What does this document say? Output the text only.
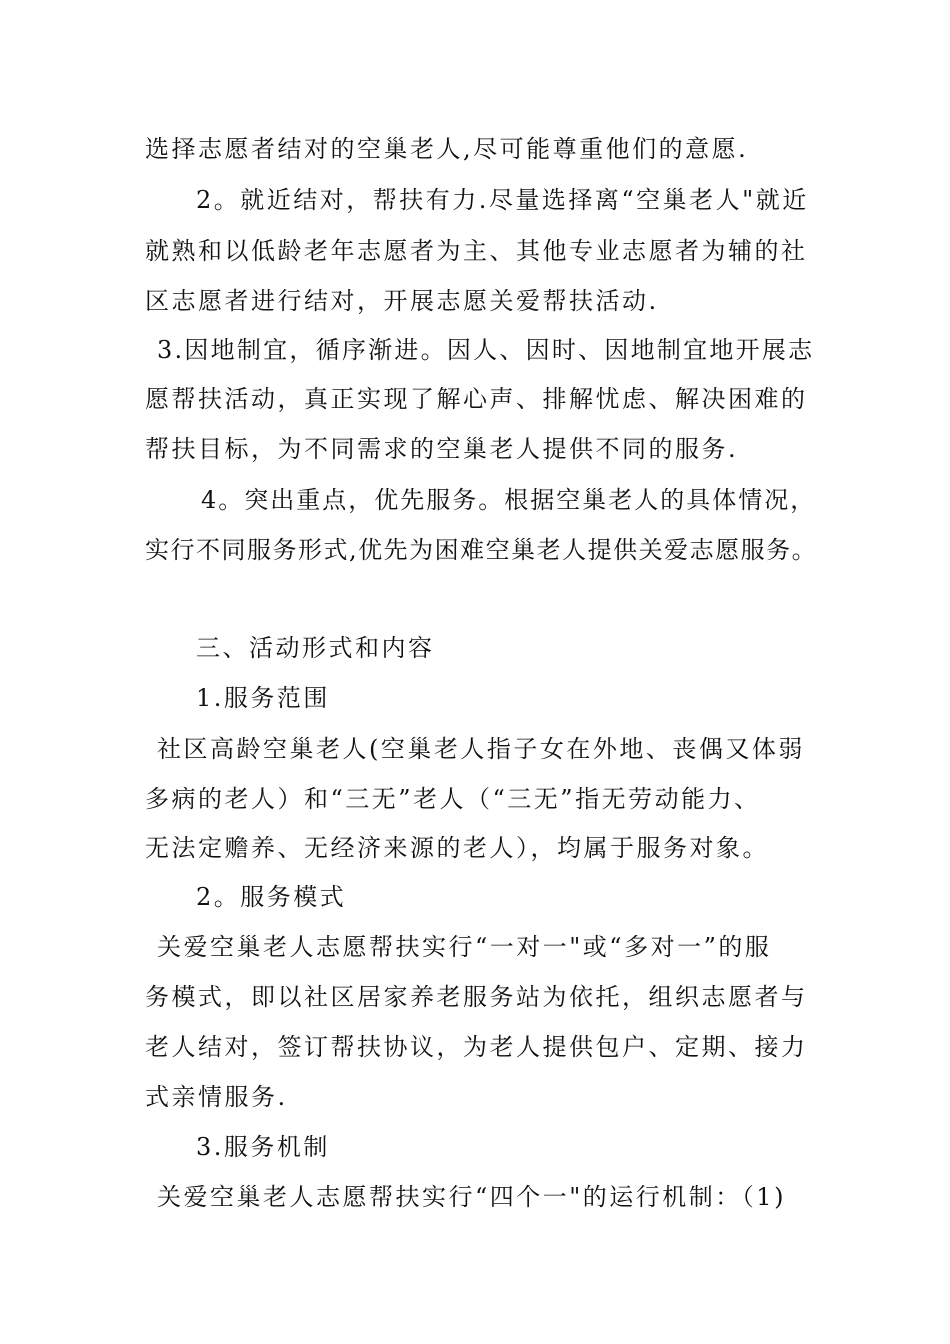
选择志愿者结对的空巢老人,尽可能尊重他们的意愿.
2。就近结对，帮扶有力.尽量选择离“空巢老人"就近
就熟和以低龄老年志愿者为主、其他专业志愿者为辅的社
区志愿者进行结对，开展志愿关爱帮扶活动.
3.因地制宜，循序渐进。因人、因时、因地制宜地开展志
愿帮扶活动，真正实现了解心声、排解忧虑、解决困难的
帮扶目标，为不同需求的空巢老人提供不同的服务.
4。突出重点，优先服务。根据空巢老人的具体情况，
实行不同服务形式,优先为困难空巢老人提供关爱志愿服务。
三、活动形式和内容
1.服务范围
社区高龄空巢老人(空巢老人指子女在外地、丧偶又体弱
多病的老人）和“三无”老人（“三无”指无劳动能力、
无法定赡养、无经济来源的老人），均属于服务对象。
2。服务模式
关爱空巢老人志愿帮扶实行“一对一"或“多对一”的服
务模式，即以社区居家养老服务站为依托，组织志愿者与
老人结对，签订帮扶协议，为老人提供包户、定期、接力
式亲情服务.
3.服务机制
关爱空巢老人志愿帮扶实行“四个一"的运行机制：（1)
